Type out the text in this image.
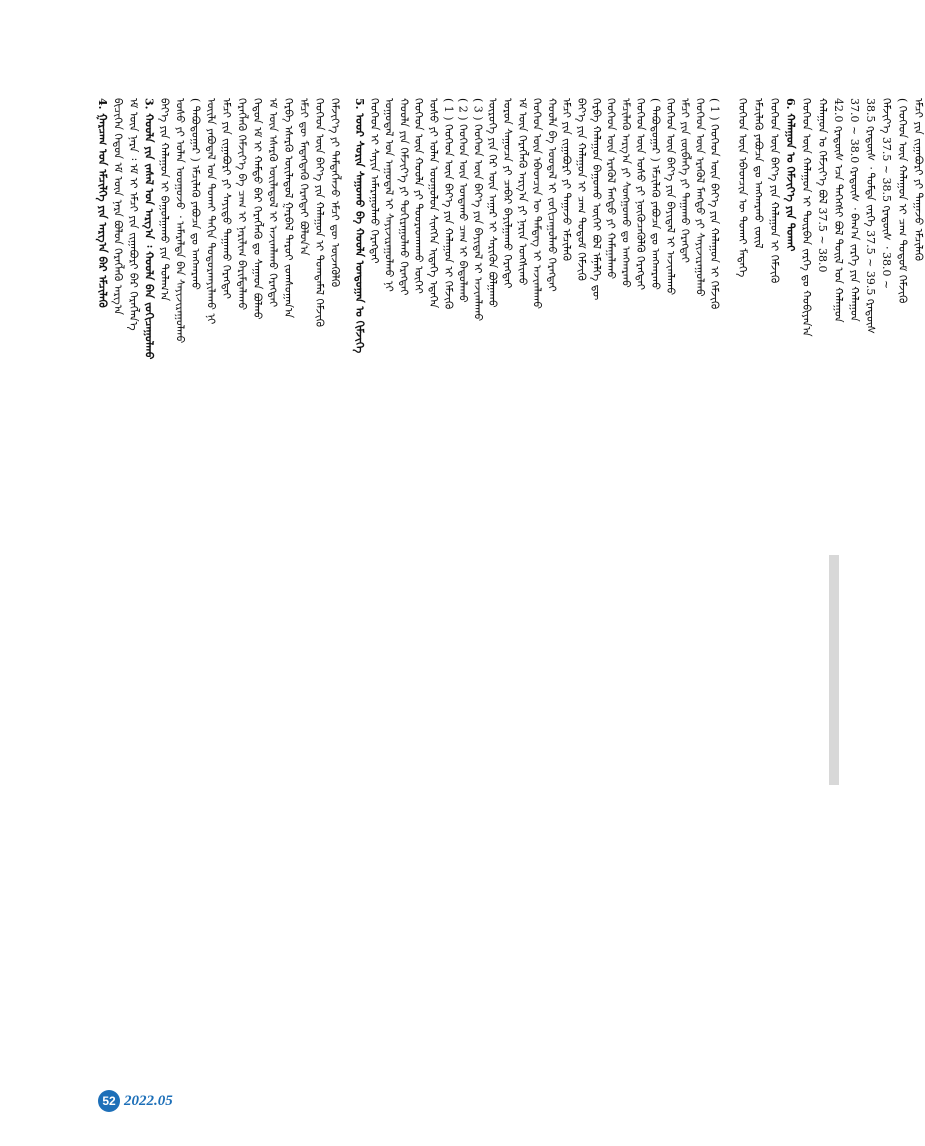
4. ᠭᠠᠷᠴᠠᠭ ᠤᠨ ᠡᠮᠴᠢᠯᠭᠡ ᠶᠢᠨ ᠠᠷᠭ᠎ᠠ ᠪᠠᠷ ᠡᠮᠴᠢᠯᠡᠬᠦ ᠪᠢᠴᠢᠬᠡᠨ ᠬᠡᠳᠦᠨ ᠡᠮ ᠦᠨ ᠨᠡᠷᠡ ᠪᠣᠯᠤᠨ ᠬᠡᠷᠡᠭᠯᠡᠬᠦ ᠠᠷᠭ᠎ᠠ ᠡᠮ ᠦᠨ ᠨᠡᠷᠡ ᠄ ᠡᠮ ᠢ ᠡᠮᠴᠢ ᠶᠢᠨ ᠵᠢᠭᠠᠪᠤᠷᠢ ᠪᠡᠷ ᠬᠡᠷᠡᠭᠯᠡᠨ᠎ᠡ 3. ᠬᠣᠤᠯᠠ ᠶᠢᠨ ᠵᠠᠰᠠᠯ ᠤᠨ ᠠᠷᠭ᠎ᠠ ᠄ ᠬᠣᠤᠯᠠ ᠪᠡᠨ ᠵᠣᠬᠢᠴᠠᠭᠤᠯᠬᠤ ᠪᠡᠶ᠎ᠡ ᠶᠢᠨ ᠬᠠᠯᠠᠭᠤᠨ ᠢ ᠪᠠᠭᠤᠯᠭᠠᠬᠤ ᠶᠢᠨ ᠲᠤᠯᠠᠭ᠎ᠠ ᠤᠰᠤ ᠶᠢ ᠣᠯᠠᠨ ᠤᠤᠭᠤᠵᠤ ᠂ ᠠᠮᠠᠷᠠᠯᠲᠠ ᠪᠠᠨ ᠰᠠᠶᠢᠵᠢᠷᠠᠭᠤᠯᠬᠤ ( ᠲᠠᠪᠤᠳᠤᠭᠠᠷ ) ᠡᠮᠴᠢᠯᠡᠬᠦ ᠶᠠᠪᠤᠴᠠ ᠳᠤ ᠠᠩᠬᠠᠷᠬᠤ ᠦᠢᠯᠡ ᠶᠠᠪᠤᠳᠠᠯ ᠤᠨ ᠲᠤᠬᠠᠢ ᠳᠠᠬᠢᠨ ᠲᠣᠳᠣᠷᠬᠠᠶᠢᠯᠠᠬᠤ ᠨᠢ ᠡᠮᠴᠢ ᠶᠢᠨ ᠵᠢᠭᠠᠪᠤᠷᠢ ᠶᠢ ᠰᠠᠶᠢᠲᠤ ᠳᠠᠭᠠᠬᠤ ᠬᠡᠷᠡᠭᠲᠡᠢ ᠬᠡᠷᠡᠭᠯᠡᠬᠦ ᠬᠡᠮᠵᠢᠶ᠎ᠡ ᠪᠠ ᠴᠠᠭ ᠢ ᠨᠠᠷᠢᠯᠢᠭ ᠪᠠᠷᠢᠮᠲᠠᠯᠠᠬᠤ ᠬᠡᠳᠦᠨ ᠡᠮ ᠢ ᠬᠠᠮᠲᠤ ᠪᠡᠷ ᠬᠡᠷᠡᠭᠯᠡᠬᠦ ᠳᠤ ᠰᠠᠭᠠᠳ ᠪᠣᠯᠬᠤ ᠡᠮ ᠦᠨ ᠡᠰᠡᠷᠭᠦ ᠦᠢᠯᠡᠳᠦᠯ ᠢ ᠠᠵᠢᠭᠯᠠᠬᠤ ᠬᠡᠷᠡᠭᠲᠡᠢ ᠬᠡᠷᠪᠡ ᠡᠰᠡᠷᠭᠦ ᠦᠢᠯᠡᠳᠦᠯ ᠭᠠᠷᠪᠠᠯ ᠳᠠᠷᠤᠢ ᠵᠤᠭᠰᠤᠭᠠᠨ᠎ᠠ ᠡᠮᠴᠢ ᠳᠦ ᠮᠡᠳᠡᠭᠳᠡᠬᠦ ᠬᠡᠷᠡᠭᠲᠡᠢ ᠪᠣᠯᠤᠨ᠎ᠠ ᠬᠡᠦᠬᠡᠳ ᠦᠨ ᠪᠡᠶ᠎ᠡ ᠶᠢᠨ ᠬᠠᠯᠠᠭᠤᠨ ᠢ ᠲᠣᠭᠲᠠᠮᠠᠯ ᠬᠡᠮᠵᠢᠬᠦ ᠬᠡᠮᠵᠢᠶ᠎ᠡ ᠶᠢ ᠲᠡᠮᠳᠡᠭᠯᠡᠵᠦ ᠡᠮᠴᠢ ᠳᠦ ᠦᠵᠡᠭᠦᠯᠬᠦ 5. ᠣᠣᠷ ᠰᠣᠷᠢᠨ ᠰᠠᠭᠤᠬᠤ ᠪᠠ ᠬᠣᠤᠯᠠ ᠤᠨᠳᠤᠭᠠᠨ ᠤ ᠬᠢᠮᠵᠢᠭᠡ ᠬᠡᠦᠬᠡᠳ ᠢ ᠰᠠᠶᠢᠨ ᠠᠮᠠᠷᠠᠭᠤᠯᠬᠤ ᠬᠡᠷᠡᠭᠲᠡᠢ ᠤᠭᠤᠳᠠᠯ ᠤᠨ ᠠᠭᠤᠳᠠᠯ ᠢ ᠰᠠᠶᠢᠵᠢᠷᠠᠭᠤᠯᠬᠤ ᠨᠢ ᠬᠣᠤᠯᠠ ᠶᠢᠨ ᠬᠡᠮᠵᠢᠶ᠎ᠡ ᠶᠢ ᠲᠣᠬᠢᠷᠠᠭᠤᠯᠬᠤ ᠬᠡᠷᠡᠭᠲᠡᠢ ᠬᠡᠦᠬᠡᠳ ᠦᠨ ᠬᠣᠤᠯᠠ ᠶᠢ ᠳᠤᠤᠷᠠᠳᠭᠠᠬᠤ ᠦᠭᠡᠢ ᠤᠰᠤ ᠶᠢ ᠣᠯᠠᠨ ᠤᠤᠭᠤᠯᠤᠨ ᠰᠢᠩᠭᠡᠨ ᠢᠳᠡᠭᠡ ᠡᠳᠡᠭᠡᠨ ( 1 ) ᠬᠡᠦᠬᠡᠳ ᠦᠨ ᠪᠡᠶ᠎ᠡ ᠶᠢᠨ ᠬᠠᠯᠠᠭᠤᠨ ᠢ ᠬᠡᠮᠵᠢᠬᠦ ( 2 ) ᠬᠡᠦᠬᠡᠳ ᠦᠨ ᠤᠨᠲᠠᠬᠤ ᠴᠠᠭ ᠢ ᠪᠠᠲᠤᠯᠠᠬᠤ ( 3 ) ᠬᠡᠦᠬᠡᠳ ᠦᠨ ᠪᠡᠶ᠎ᠡ ᠶᠢᠨ ᠪᠠᠶᠢᠳᠠᠯ ᠢ ᠠᠵᠢᠭᠯᠠᠬᠤ ᠦᠷᠦᠬᠡ ᠶᠢᠨ ᠭᠡᠷ ᠦᠨ ᠠᠭᠠᠷ ᠢ ᠰᠡᠷᠢᠭᠦᠨ ᠪᠣᠯᠭᠠᠬᠤ ᠣᠷᠣᠨ ᠰᠠᠭᠤᠴᠠ ᠶᠢ ᠴᠡᠪᠡᠷ ᠪᠠᠶᠢᠯᠭᠠᠬᠤ ᠬᠡᠷᠡᠭᠲᠡᠢ ᠡᠮ ᠦᠨ ᠬᠡᠷᠡᠭᠯᠡᠬᠦ ᠠᠷᠭ᠎ᠠ ᠶᠢ ᠨᠠᠷᠢᠨ ᠤᠩᠰᠢᠬᠤ ᠬᠡᠦᠬᠡᠳ ᠦᠨ ᠡᠪᠡᠳᠴᠢᠨ ᠦ ᠲᠡᠮᠳᠡᠭ ᠢ ᠠᠵᠢᠭᠯᠠᠬᠤ ᠬᠣᠤᠯᠠ ᠪᠠ ᠤᠤᠳᠠᠯ ᠢ ᠵᠣᠬᠢᠴᠠᠭᠤᠯᠬᠤ ᠬᠡᠷᠡᠭᠲᠡᠢ ᠡᠮᠴᠢ ᠶᠢᠨ ᠵᠢᠭᠠᠪᠤᠷᠢ ᠶᠢ ᠳᠠᠭᠠᠵᠤ ᠡᠮᠴᠢᠯᠡᠬᠦ ᠪᠡᠶ᠎ᠡ ᠶᠢᠨ ᠬᠠᠯᠠᠭᠤᠨ ᠢ ᠴᠠᠭ ᠲᠤᠲᠤᠮ ᠬᠡᠮᠵᠢᠬᠦ ᠬᠡᠷᠪᠡ ᠬᠠᠯᠠᠭᠤᠨ ᠪᠠᠭᠤᠬᠤ ᠦᠭᠡᠢ ᠪᠣᠯ ᠡᠮᠨᠡᠯᠭᠡ ᠳᠦ ᠬᠡᠦᠬᠡᠳ ᠦᠨ ᠡᠷᠡᠬᠦᠯ ᠮᠡᠩᠳᠦ ᠶᠢ ᠬᠠᠮᠠᠭᠠᠯᠠᠬᠤ ᠡᠮᠴᠢᠯᠡᠬᠦ ᠠᠷᠭ᠎ᠠ ᠶᠢ ᠰᠣᠩᠭᠣᠬᠤ ᠳᠤ ᠠᠩᠬᠠᠷᠬᠤ ᠬᠡᠦᠬᠡᠳ ᠦᠨ ᠤᠰᠤ ᠶᠢ ᠨᠥᠬᠦᠴᠡᠭᠦᠯᠬᠦ ᠬᠡᠷᠡᠭᠲᠡᠢ ( ᠲᠠᠪᠤᠳᠤᠭᠠᠷ ) ᠡᠮᠴᠢᠯᠡᠬᠦ ᠶᠠᠪᠤᠴᠠ ᠳᠤ ᠠᠩᠬᠠᠷᠬᠤ ᠬᠡᠦᠬᠡᠳ ᠦᠨ ᠪᠡᠶ᠎ᠡ ᠶᠢᠨ ᠪᠠᠶᠢᠳᠠᠯ ᠢ ᠠᠵᠢᠭᠯᠠᠬᠤ ᠡᠮᠴᠢ ᠶᠢᠨ ᠵᠥᠪᠯᠡᠭᠡ ᠶᠢ ᠳᠠᠭᠠᠬᠤ ᠬᠡᠷᠡᠭᠲᠡᠢ ᠬᠡᠦᠬᠡᠳ ᠦᠨ ᠡᠷᠡᠬᠦᠯ ᠮᠡᠩᠳᠦ ᠶᠢ ᠰᠠᠶᠢᠵᠢᠷᠠᠭᠤᠯᠬᠤ ( 1 ) ᠬᠡᠦᠬᠡᠳ ᠦᠨ ᠪᠡᠶ᠎ᠡ ᠶᠢᠨ ᠬᠠᠯᠠᠭᠤᠨ ᠢ ᠬᠡᠮᠵᠢᠬᠦ ᠬᠡᠦᠬᠡᠳ ᠦᠨ ᠡᠪᠡᠳᠴᠢᠨ ᠦ ᠲᠤᠬᠠᠢ ᠮᠡᠳᠡᠭᠡ ᠡᠮᠴᠢᠯᠡᠬᠦ ᠶᠠᠪᠤᠴᠠ ᠳᠤ ᠠᠩᠬᠠᠷᠬᠤ ᠵᠦᠢᠯ ᠬᠡᠦᠬᠡᠳ ᠦᠨ ᠪᠡᠶ᠎ᠡ ᠶᠢᠨ ᠬᠠᠯᠠᠭᠤᠨ ᠢ ᠬᠡᠮᠵᠢᠬᠦ 6. ᠬᠠᠯᠠᠭᠤᠨ ᠤ ᠬᠡᠮᠵᠢᠶ᠎ᠡ ᠶᠢᠨ ᠲᠤᠬᠠᠢ ᠬᠡᠦᠬᠡᠳ ᠦᠨ ᠬᠠᠯᠠᠭᠤᠨ ᠢ ᠳᠥᠷᠪᠡᠨ ᠵᠡᠷᠭᠡ ᠳᠤ ᠬᠤᠪᠢᠶᠠᠨ᠎ᠠ ᠬᠠᠯᠠᠭᠤᠨ ᠤ ᠬᠡᠮᠵᠢᠶ᠎ᠡ ᠪᠣᠯ 37.5 ~ 38.0 42.0 ᠭᠷᠠᠳᠦ᠋ᠰ ᠡᠴᠡ ᠳᠡᠭᠡᠭᠰᠢ ᠪᠣᠯ ᠲᠤᠢᠯ ᠤᠨ ᠬᠠᠯᠠᠭᠤᠨ 37.0 ~ 38.0 ᠭᠷᠠᠳᠦ᠋ᠰ ᠂ ᠪᠠᠭ᠎ᠠ ᠵᠡᠷᠭᠡ ᠶᠢᠨ ᠬᠠᠯᠠᠭᠤᠨ 38.5 ᠭᠷᠠᠳᠦ᠋ᠰ ᠂ ᠳᠤᠮᠳᠠ ᠵᠡᠷᠭᠡ 37.5 ~ 39.5 ᠭᠷᠠᠳᠦ᠋ᠰ ᠬᠡᠮᠵᠢᠶ᠎ᠡ 37.5 ~ 38.5 ᠭᠷᠠᠳᠦ᠋ᠰ ᠂ 38.0 ~ ( ᠬᠡᠦᠬᠡᠳ ᠦᠨ ᠬᠠᠯᠠᠭᠤᠨ ᠢ ᠴᠠᠭ ᠲᠤᠲᠤᠮ ᠬᠡᠮᠵᠢᠬᠦ ᠡᠮᠴᠢ ᠶᠢᠨ ᠵᠢᠭᠠᠪᠤᠷᠢ ᠶᠢ ᠳᠠᠭᠠᠵᠤ ᠡᠮᠴᠢᠯᠡᠬᠦ
52 2022.05
